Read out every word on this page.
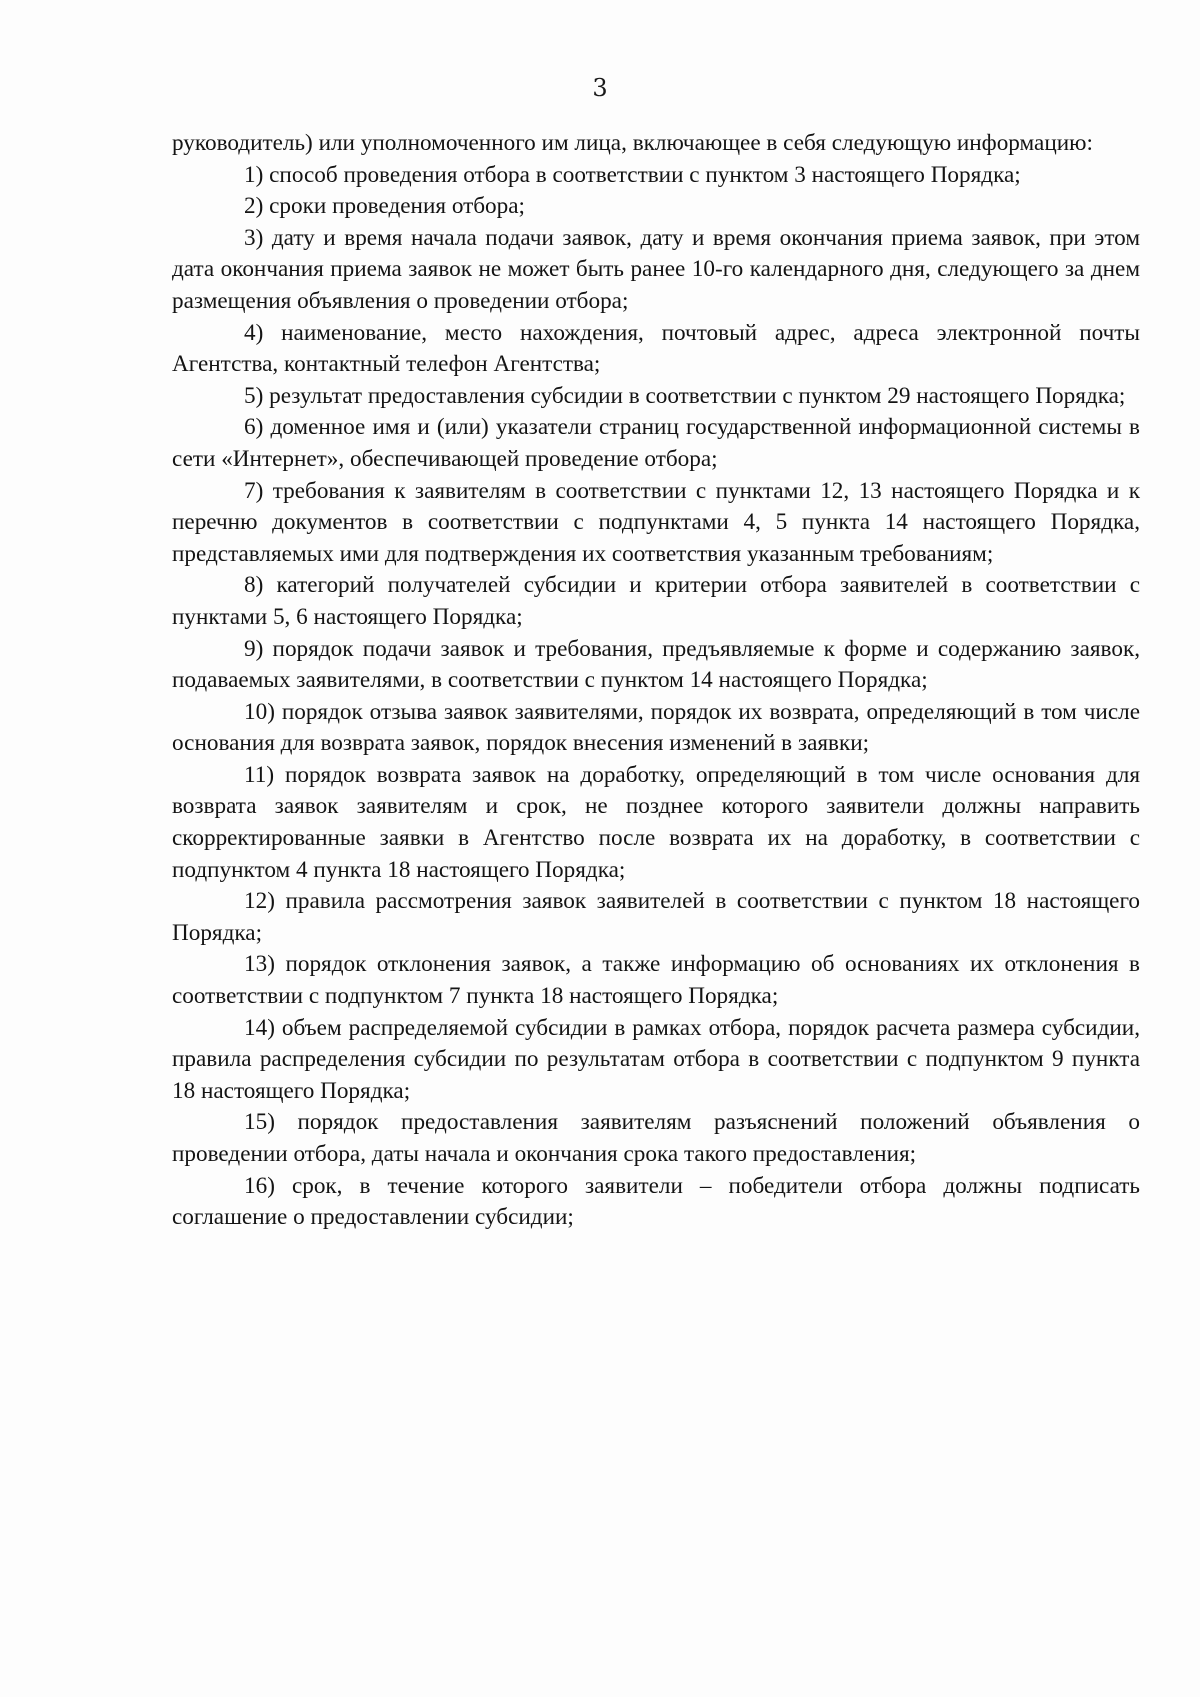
3

руководитель) или уполномоченного им лица, включающее в себя следующую информацию:

1) способ проведения отбора в соответствии с пунктом 3 настоящего Порядка;

2) сроки проведения отбора;

3) дату и время начала подачи заявок, дату и время окончания приема заявок, при этом дата окончания приема заявок не может быть ранее 10-го календарного дня, следующего за днем размещения объявления о проведении отбора;

4) наименование, место нахождения, почтовый адрес, адреса электронной почты Агентства, контактный телефон Агентства;

5) результат предоставления субсидии в соответствии с пунктом 29 настоящего Порядка;

6) доменное имя и (или) указатели страниц государственной информационной системы в сети «Интернет», обеспечивающей проведение отбора;

7) требования к заявителям в соответствии с пунктами 12, 13 настоящего Порядка и к перечню документов в соответствии с подпунктами 4, 5 пункта 14 настоящего Порядка, представляемых ими для подтверждения их соответствия указанным требованиям;

8) категорий получателей субсидии и критерии отбора заявителей в соответствии с пунктами 5, 6 настоящего Порядка;

9) порядок подачи заявок и требования, предъявляемые к форме и содержанию заявок, подаваемых заявителями, в соответствии с пунктом 14 настоящего Порядка;

10) порядок отзыва заявок заявителями, порядок их возврата, определяющий в том числе основания для возврата заявок, порядок внесения изменений в заявки;

11) порядок возврата заявок на доработку, определяющий в том числе основания для возврата заявок заявителям и срок, не позднее которого заявители должны направить скорректированные заявки в Агентство после возврата их на доработку, в соответствии с подпунктом 4 пункта 18 настоящего Порядка;

12) правила рассмотрения заявок заявителей в соответствии с пунктом 18 настоящего Порядка;

13) порядок отклонения заявок, а также информацию об основаниях их отклонения в соответствии с подпунктом 7 пункта 18 настоящего Порядка;

14) объем распределяемой субсидии в рамках отбора, порядок расчета размера субсидии, правила распределения субсидии по результатам отбора в соответствии с подпунктом 9 пункта 18 настоящего Порядка;

15) порядок предоставления заявителям разъяснений положений объявления о проведении отбора, даты начала и окончания срока такого предоставления;

16) срок, в течение которого заявители – победители отбора должны подписать соглашение о предоставлении субсидии;
